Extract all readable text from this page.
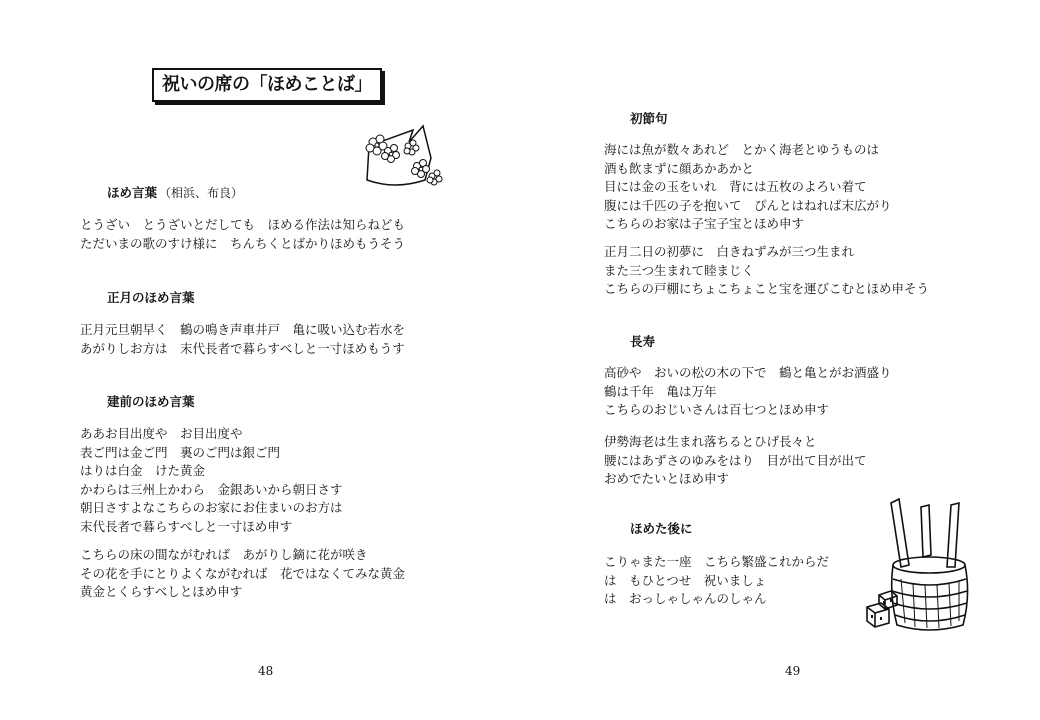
祝いの席の「ほめことば」
ほめ言葉 （相浜、布良）
とうざい　とうざいとだしても　ほめる作法は知らねども
ただいまの歌のすけ様に　ちんちくとばかりほめもうそう
正月のほめ言葉
正月元旦朝早く　鶴の鳴き声車井戸　亀に吸い込む若水を
あがりしお方は　末代長者で暮らすべしと一寸ほめもうす
建前のほめ言葉
ああお目出度や　お目出度や
表ご門は金ご門　裏のご門は銀ご門
はりは白金　けた黄金
かわらは三州上かわら　金銀あいから朝日さす
朝日さすよなこちらのお家にお住まいのお方は
末代長者で暮らすべしと一寸ほめ申す
こちらの床の間ながむれば　あがりし鏑に花が咲き
その花を手にとりよくながむれば　花ではなくてみな黄金
黄金とくらすべしとほめ申す
48
初節句
海には魚が数々あれど　とかく海老とゆうものは
酒も飲まずに顔あかあかと
目には金の玉をいれ　背には五枚のよろい着て
腹には千匹の子を抱いて　ぴんとはねれば末広がり
こちらのお家は子宝子宝とほめ申す
正月二日の初夢に　白きねずみが三つ生まれ
また三つ生まれて睦まじく
こちらの戸棚にちょこちょこと宝を運びこむとほめ申そう
長寿
高砂や　おいの松の木の下で　鶴と亀とがお酒盛り
鶴は千年　亀は万年
こちらのおじいさんは百七つとほめ申す
伊勢海老は生まれ落ちるとひげ長々と
腰にはあずさのゆみをはり　目が出て目が出て
おめでたいとほめ申す
ほめた後に
こりゃまた一座　こちら繁盛これからだ
は　もひとつせ　祝いましょ
は　おっしゃしゃんのしゃん
49
